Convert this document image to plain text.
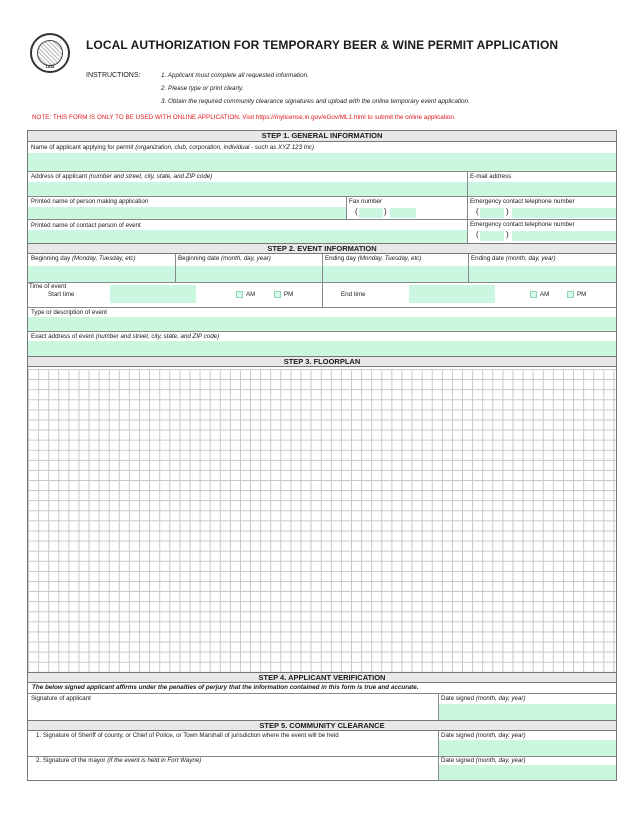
1816
LOCAL AUTHORIZATION FOR TEMPORARY BEER & WINE PERMIT APPLICATION
INSTRUCTIONS:	1. Applicant must complete all requested information.
2. Please type or print clearly.
3. Obtain the required community clearance signatures and upload with the online temporary event application.
NOTE: THIS FORM IS ONLY TO BE USED WITH ONLINE APPLICATION. Visit https://mylicense.in.gov/eGov/ML1.html to submit the online application.
STEP 1. GENERAL INFORMATION
Name of applicant applying for permit (organization, club, corporation, individual - such as XYZ 123 Inc)
Address of applicant (number and street, city, state, and ZIP code)	E-mail address
Printed name of person making application	Fax number	Emergency contact telephone number
(	)	(	)
Printed name of contact person of event	Emergency contact telephone number
(	)
STEP 2. EVENT INFORMATION
Beginning day (Monday, Tuesday, etc)	Beginning date (month, day, year)	Ending day (Monday, Tuesday, etc)	Ending date (month, day, year)
Time of event
Start time	AM	PM	End time	AM	PM
Type or description of event
Exact address of event (number and street, city, state, and ZIP code)
STEP 3. FLOORPLAN
STEP 4. APPLICANT VERIFICATION
The below signed applicant affirms under the penalties of perjury that the information contained in this form is true and accurate.
Signature of applicant	Date signed (month, day, year)
STEP 5. COMMUNITY CLEARANCE
1. Signature of Sheriff of county, or Chief of Police, or Town Marshall of jurisdiction where the event will be held	Date signed (month, day, year)
2. Signature of the mayor (if the event is held in Fort Wayne)	Date signed (month, day, year)
